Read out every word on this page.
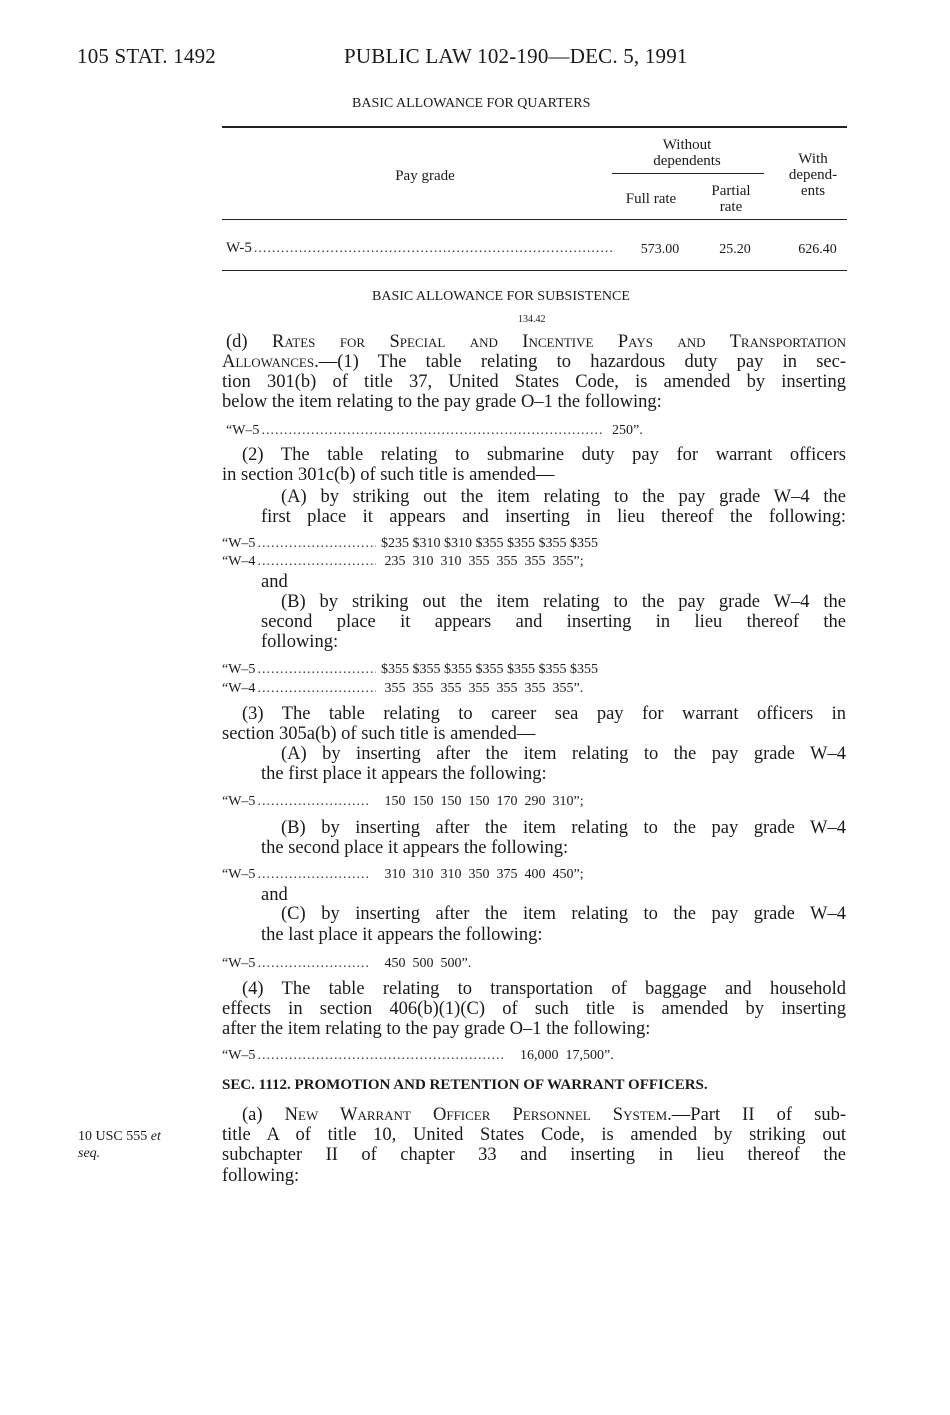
105 STAT. 1492	PUBLIC LAW 102-190—DEC. 5, 1991
BASIC ALLOWANCE FOR QUARTERS
Pay grade
Without
dependents
Full rate	Partial
rate
With
depend-
ents
W-5 .....	573.00	25.20	626.40
BASIC ALLOWANCE FOR SUBSISTENCE
134.42
(d) Rates for Special and Incentive Pays and Transportation
Allowances.—(1) The table relating to hazardous duty pay in sec-
tion 301(b) of title 37, United States Code, is amended by inserting
below the item relating to the pay grade O–1 the following:
“W–5 .....	250”.
(2) The table relating to submarine duty pay for warrant officers
in section 301c(b) of such title is amended—
(A) by striking out the item relating to the pay grade W–4 the
first place it appears and inserting in lieu thereof the following:
“W–5 .....	$235 $310 $310 $355 $355 $355 $355
“W–4 .....	235  310  310  355  355  355  355”;
and
(B) by striking out the item relating to the pay grade W–4 the
second place it appears and inserting in lieu thereof the
following:
“W–5 .....	$355 $355 $355 $355 $355 $355 $355
“W–4 .....	355  355  355  355  355  355  355”.
(3) The table relating to career sea pay for warrant officers in
section 305a(b) of such title is amended—
(A) by inserting after the item relating to the pay grade W–4
the first place it appears the following:
“W–5 .....	150  150  150  150  170  290  310”;
(B) by inserting after the item relating to the pay grade W–4
the second place it appears the following:
“W–5 .....	310  310  310  350  375  400  450”;
and
(C) by inserting after the item relating to the pay grade W–4
the last place it appears the following:
“W–5 .....	450  500  500”.
(4) The table relating to transportation of baggage and household
effects in section 406(b)(1)(C) of such title is amended by inserting
after the item relating to the pay grade O–1 the following:
“W–5 .....	16,000  17,500”.
SEC. 1112. PROMOTION AND RETENTION OF WARRANT OFFICERS.
10 USC 555 et
seq.
(a) New Warrant Officer Personnel System.—Part II of sub-
title A of title 10, United States Code, is amended by striking out
subchapter II of chapter 33 and inserting in lieu thereof the
following:
